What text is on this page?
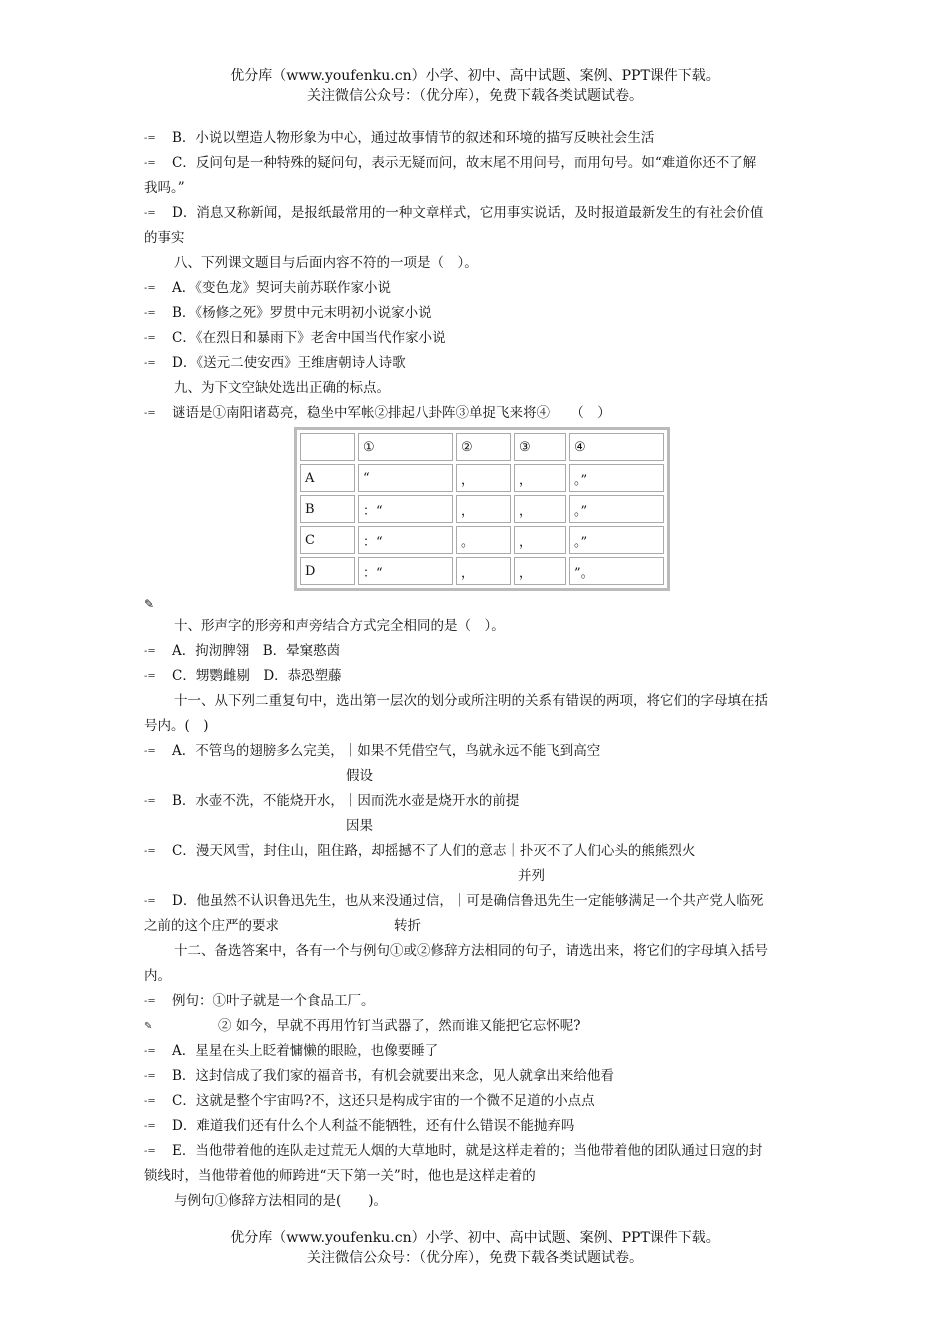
优分库（www.youfenku.cn）小学、初中、高中试题、案例、PPT课件下载。
关注微信公众号：（优分库），免费下载各类试题试卷。
-= B．小说以塑造人物形象为中心，通过故事情节的叙述和环境的描写反映社会生活
-= C．反问句是一种特殊的疑问句，表示无疑而问，故末尾不用问号，而用句号。如“难道你还不了解
我吗。”
-= D．消息又称新闻，是报纸最常用的一种文章样式，它用事实说话，及时报道最新发生的有社会价值
的事实
八、下列课文题目与后面内容不符的一项是（　）。
-= A．《变色龙》契诃夫前苏联作家小说
-= B．《杨修之死》罗贯中元末明初小说家小说
-= C．《在烈日和暴雨下》老舍中国当代作家小说
-= D．《送元二使安西》王维唐朝诗人诗歌
九、为下文空缺处选出正确的标点。
-= 谜语是①南阳诸葛亮，稳坐中军帐②排起八卦阵③单捉飞来将④　　（　）
	①	②	③	④
A	“	，	，	。”
B	：“	，	，	。”
C	：“	。	，	。”
D	：“	，	，	”。
✎
十、形声字的形旁和声旁结合方式完全相同的是（　）。
-= A．拘沏脾翎　B．晕窠憨茵
-= C．甥鹦雌剔　D．恭恐塑藤
十一、从下列二重复句中，选出第一层次的划分或所注明的关系有错误的两项，将它们的字母填在括
号内。(　)
-= A．不管鸟的翅膀多么完美，｜如果不凭借空气，鸟就永远不能飞到高空
假设
-= B．水壶不洗，不能烧开水，｜因而洗水壶是烧开水的前提
因果
-= C．漫天风雪，封住山，阻住路，却摇撼不了人们的意志｜扑灭不了人们心头的熊熊烈火
并列
-= D．他虽然不认识鲁迅先生，也从来没通过信，｜可是确信鲁迅先生一定能够满足一个共产党人临死
之前的这个庄严的要求	转折
十二、备选答案中，各有一个与例句①或②修辞方法相同的句子，请选出来，将它们的字母填入括号
内。
-= 例句：①叶子就是一个食品工厂。
✎	② 如今，早就不再用竹钉当武器了，然而谁又能把它忘怀呢?
-= A．星星在头上眨着慵懒的眼睑，也像要睡了
-= B．这封信成了我们家的福音书，有机会就要出来念，见人就拿出来给他看
-= C．这就是整个宇宙吗?不，这还只是构成宇宙的一个微不足道的小点点
-= D．难道我们还有什么个人利益不能牺牲，还有什么错误不能抛弃吗
-= E．当他带着他的连队走过荒无人烟的大草地时，就是这样走着的；当他带着他的团队通过日寇的封
锁线时，当他带着他的师跨进“天下第一关”时，他也是这样走着的
与例句①修辞方法相同的是(　　)。
优分库（www.youfenku.cn）小学、初中、高中试题、案例、PPT课件下载。
关注微信公众号：（优分库），免费下载各类试题试卷。
